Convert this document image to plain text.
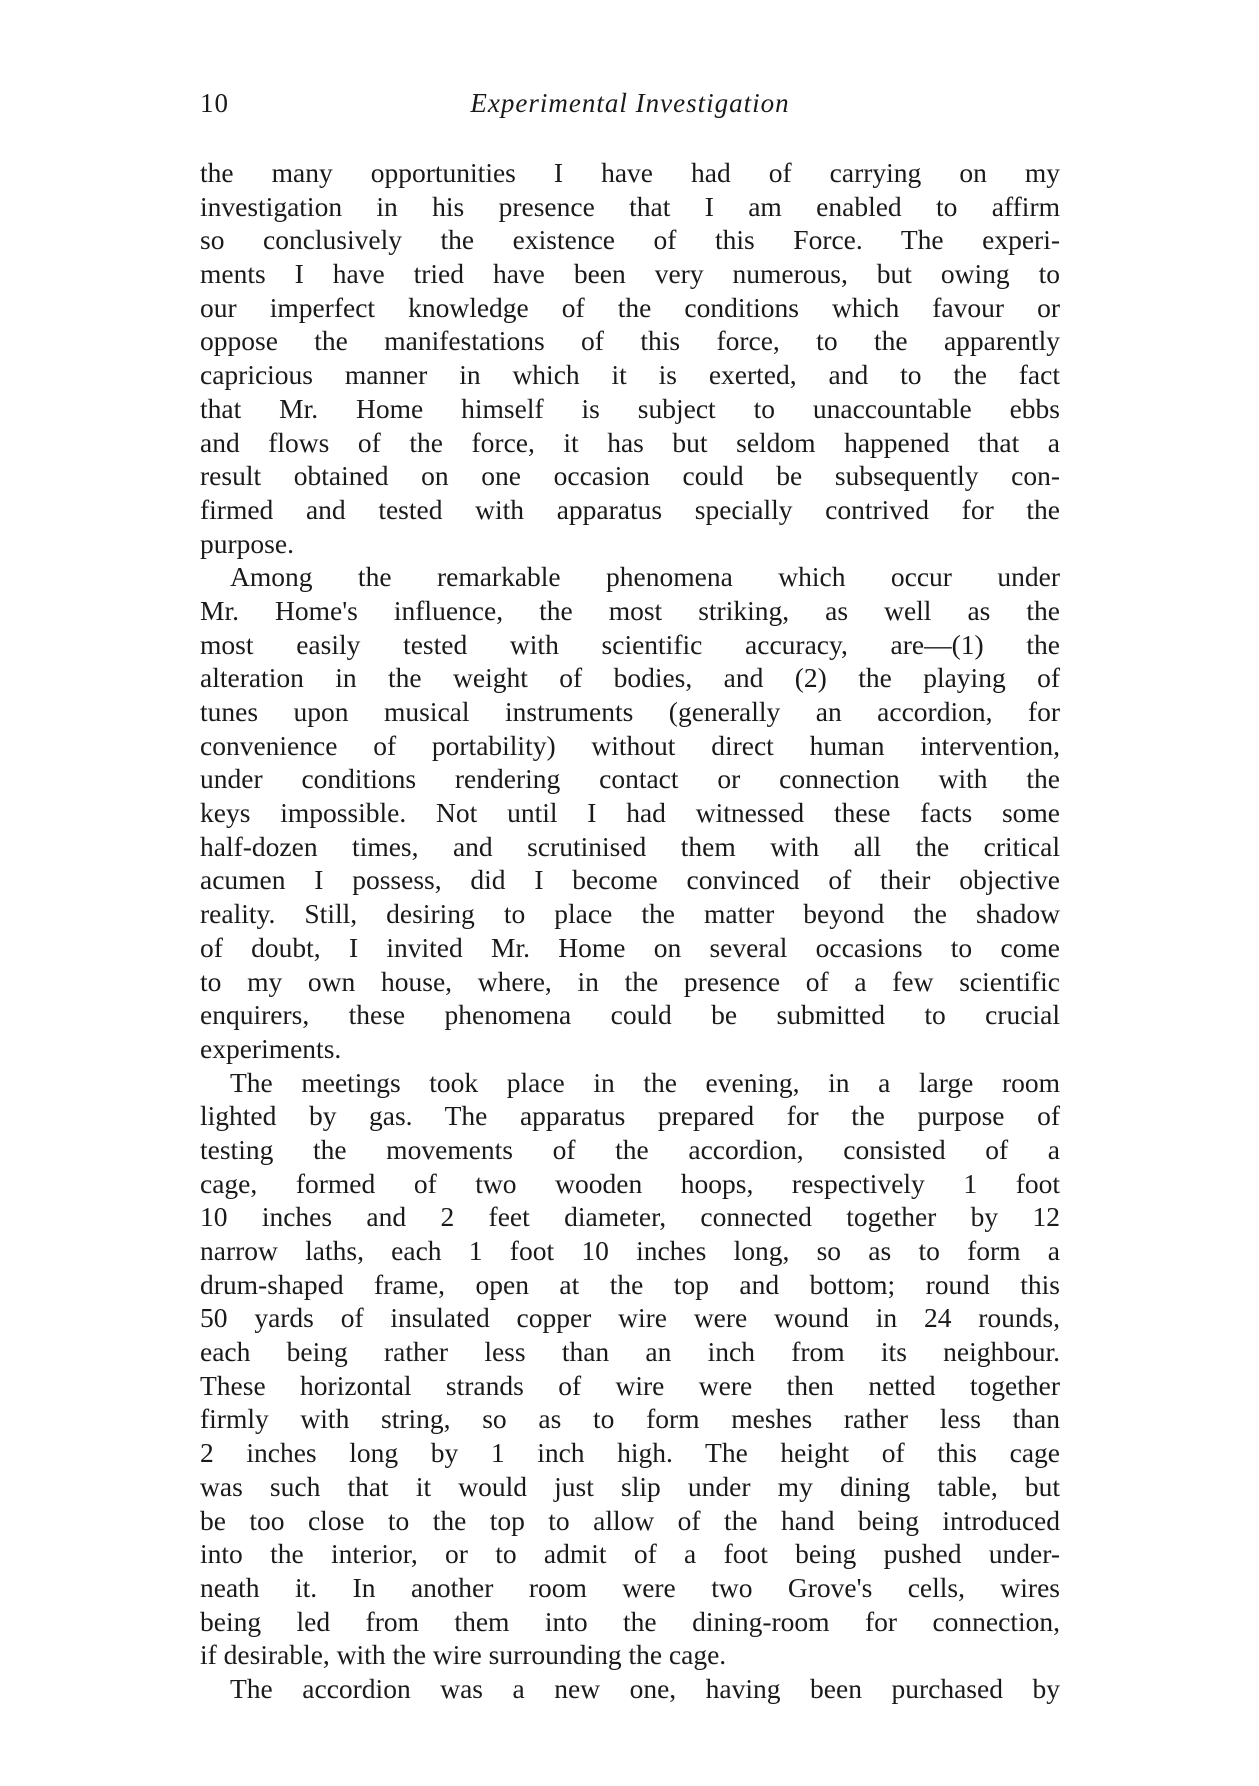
10	Experimental Investigation
the many opportunities I have had of carrying on my
investigation in his presence that I am enabled to affirm
so conclusively the existence of this Force. The experi-
ments I have tried have been very numerous, but owing to
our imperfect knowledge of the conditions which favour or
oppose the manifestations of this force, to the apparently
capricious manner in which it is exerted, and to the fact
that Mr. Home himself is subject to unaccountable ebbs
and flows of the force, it has but seldom happened that a
result obtained on one occasion could be subsequently con-
firmed and tested with apparatus specially contrived for the
purpose.
Among the remarkable phenomena which occur under
Mr. Home's influence, the most striking, as well as the
most easily tested with scientific accuracy, are—(1) the
alteration in the weight of bodies, and (2) the playing of
tunes upon musical instruments (generally an accordion, for
convenience of portability) without direct human intervention,
under conditions rendering contact or connection with the
keys impossible. Not until I had witnessed these facts some
half-dozen times, and scrutinised them with all the critical
acumen I possess, did I become convinced of their objective
reality. Still, desiring to place the matter beyond the shadow
of doubt, I invited Mr. Home on several occasions to come
to my own house, where, in the presence of a few scientific
enquirers, these phenomena could be submitted to crucial
experiments.
The meetings took place in the evening, in a large room
lighted by gas. The apparatus prepared for the purpose of
testing the movements of the accordion, consisted of a
cage, formed of two wooden hoops, respectively 1 foot
10 inches and 2 feet diameter, connected together by 12
narrow laths, each 1 foot 10 inches long, so as to form a
drum-shaped frame, open at the top and bottom; round this
50 yards of insulated copper wire were wound in 24 rounds,
each being rather less than an inch from its neighbour.
These horizontal strands of wire were then netted together
firmly with string, so as to form meshes rather less than
2 inches long by 1 inch high. The height of this cage
was such that it would just slip under my dining table, but
be too close to the top to allow of the hand being introduced
into the interior, or to admit of a foot being pushed under-
neath it. In another room were two Grove's cells, wires
being led from them into the dining-room for connection,
if desirable, with the wire surrounding the cage.
The accordion was a new one, having been purchased by
